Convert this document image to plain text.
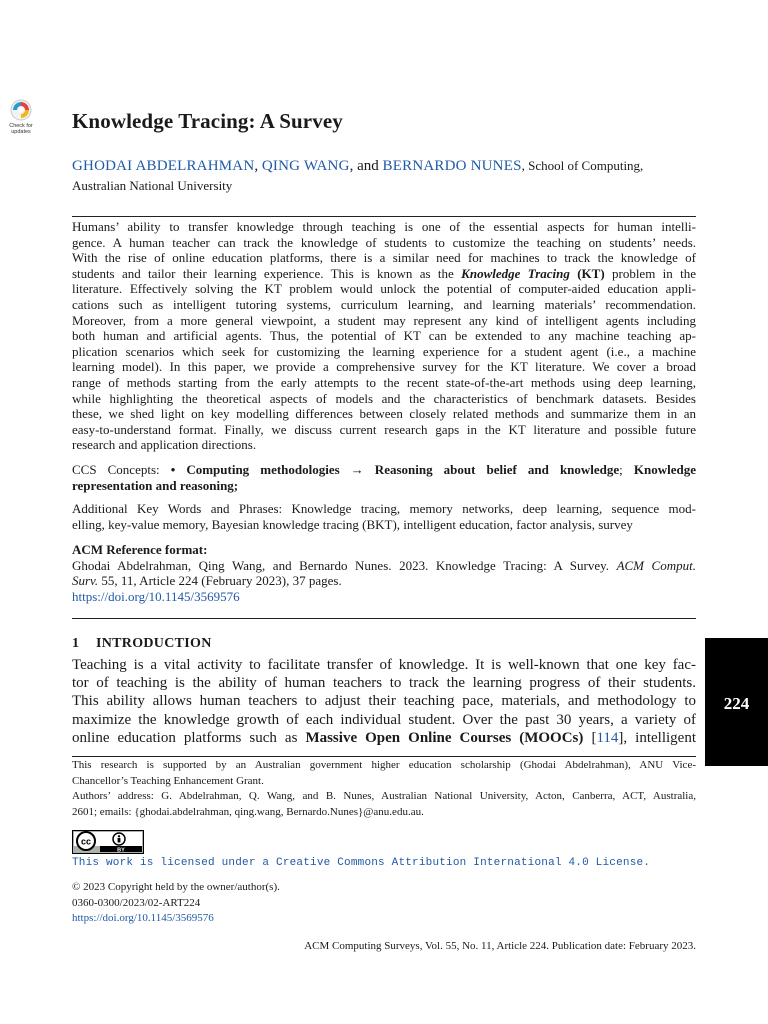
Check for
updates	Knowledge Tracing: A Survey
GHODAI ABDELRAHMAN, QING WANG, and BERNARDO NUNES, School of Computing,
Australian National University
Humans’ ability to transfer knowledge through teaching is one of the essential aspects for human intelli-
gence. A human teacher can track the knowledge of students to customize the teaching on students’ needs.
With the rise of online education platforms, there is a similar need for machines to track the knowledge of
students and tailor their learning experience. This is known as the Knowledge Tracing (KT) problem in the
literature. Effectively solving the KT problem would unlock the potential of computer-aided education appli-
cations such as intelligent tutoring systems, curriculum learning, and learning materials’ recommendation.
Moreover, from a more general viewpoint, a student may represent any kind of intelligent agents including
both human and artificial agents. Thus, the potential of KT can be extended to any machine teaching ap-
plication scenarios which seek for customizing the learning experience for a student agent (i.e., a machine
learning model). In this paper, we provide a comprehensive survey for the KT literature. We cover a broad
range of methods starting from the early attempts to the recent state-of-the-art methods using deep learning,
while highlighting the theoretical aspects of models and the characteristics of benchmark datasets. Besides
these, we shed light on key modelling differences between closely related methods and summarize them in an
easy-to-understand format. Finally, we discuss current research gaps in the KT literature and possible future
research and application directions.
CCS Concepts: • Computing methodologies → Reasoning about belief and knowledge; Knowledge
representation and reasoning;
Additional Key Words and Phrases: Knowledge tracing, memory networks, deep learning, sequence mod-
elling, key-value memory, Bayesian knowledge tracing (BKT), intelligent education, factor analysis, survey
ACM Reference format:
Ghodai Abdelrahman, Qing Wang, and Bernardo Nunes. 2023. Knowledge Tracing: A Survey. ACM Comput.
Surv. 55, 11, Article 224 (February 2023), 37 pages.
https://doi.org/10.1145/3569576
1 INTRODUCTION
Teaching is a vital activity to facilitate transfer of knowledge. It is well-known that one key fac-
tor of teaching is the ability of human teachers to track the learning progress of their students.
This ability allows human teachers to adjust their teaching pace, materials, and methodology to
maximize the knowledge growth of each individual student. Over the past 30 years, a variety of
online education platforms such as Massive Open Online Courses (MOOCs) [114], intelligent
224
This research is supported by an Australian government higher education scholarship (Ghodai Abdelrahman), ANU Vice-
Chancellor’s Teaching Enhancement Grant.
Authors’ address: G. Abdelrahman, Q. Wang, and B. Nunes, Australian National University, Acton, Canberra, ACT, Australia,
2601; emails: {ghodai.abdelrahman, qing.wang, Bernardo.Nunes}@anu.edu.au.
cc
BY
This work is licensed under a Creative Commons Attribution International 4.0 License.
© 2023 Copyright held by the owner/author(s).
0360-0300/2023/02-ART224
https://doi.org/10.1145/3569576
ACM Computing Surveys, Vol. 55, No. 11, Article 224. Publication date: February 2023.
